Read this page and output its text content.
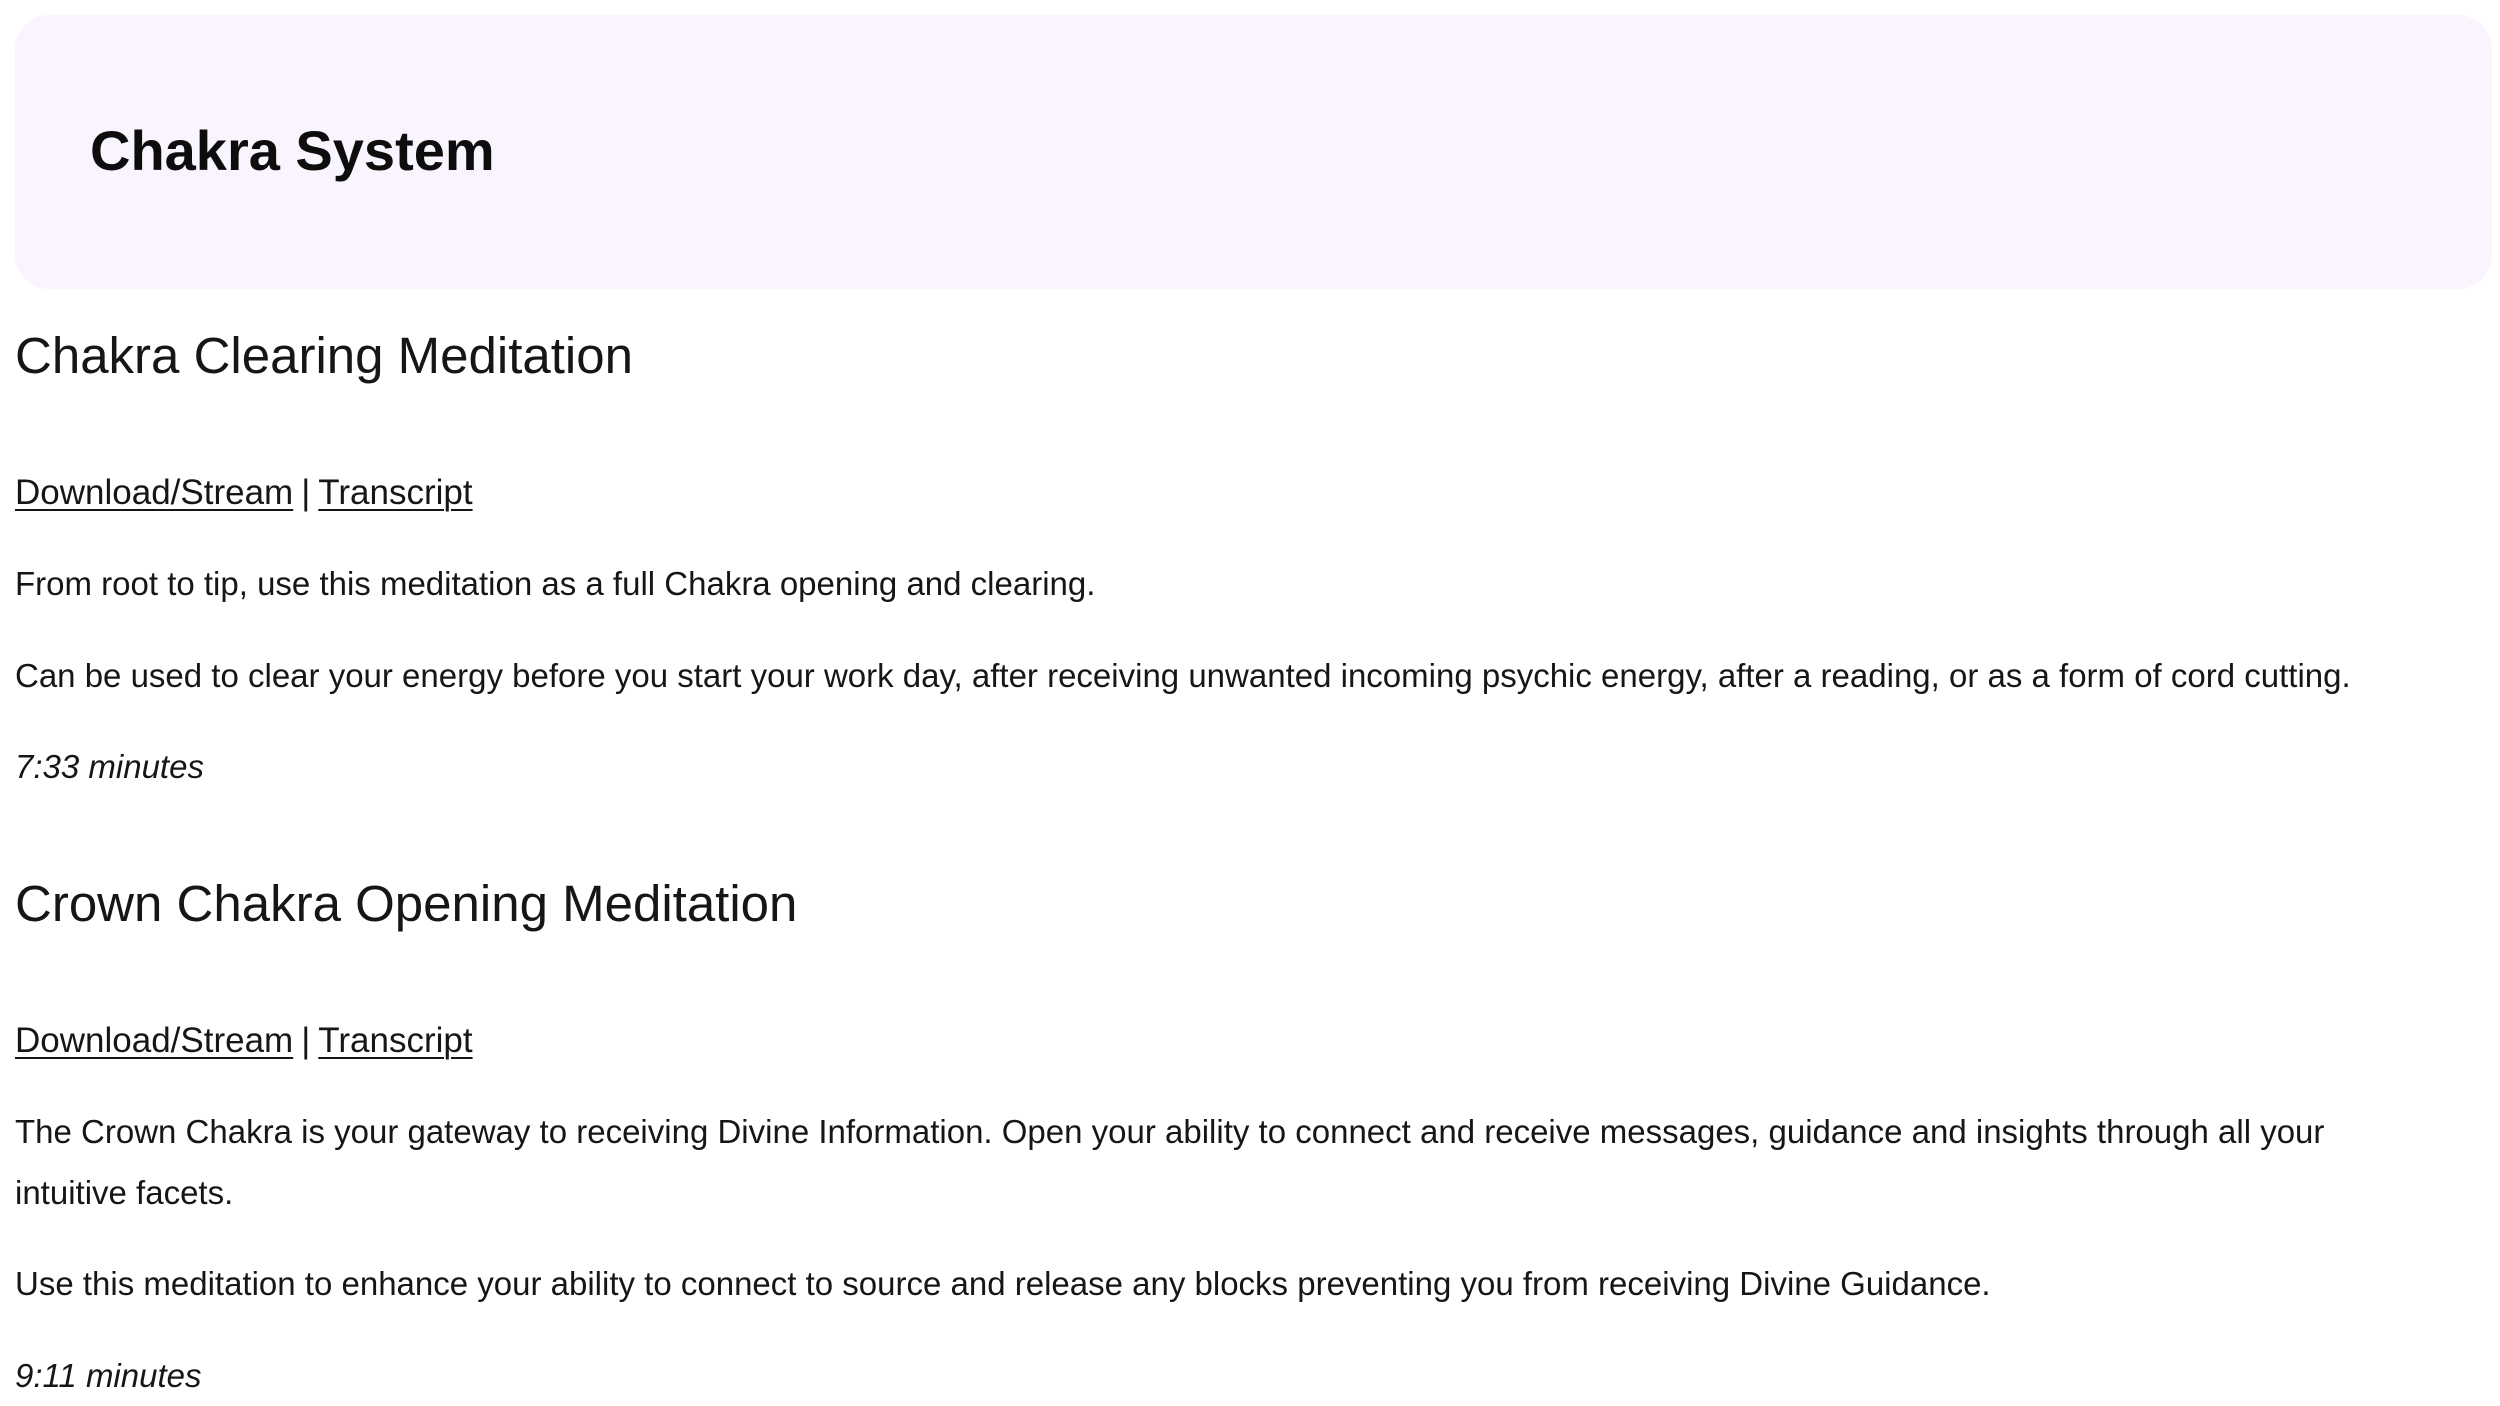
Chakra System
Chakra Clearing Meditation
Download/Stream | Transcript

From root to tip, use this meditation as a full Chakra opening and clearing.

Can be used to clear your energy before you start your work day, after receiving unwanted incoming psychic energy, after a reading, or as a form of cord cutting.

7:33 minutes

Crown Chakra Opening Meditation
Download/Stream | Transcript

The Crown Chakra is your gateway to receiving Divine Information. Open your ability to connect and receive messages, guidance and insights through all your intuitive facets.

Use this meditation to enhance your ability to connect to source and release any blocks preventing you from receiving Divine Guidance.

9:11 minutes
